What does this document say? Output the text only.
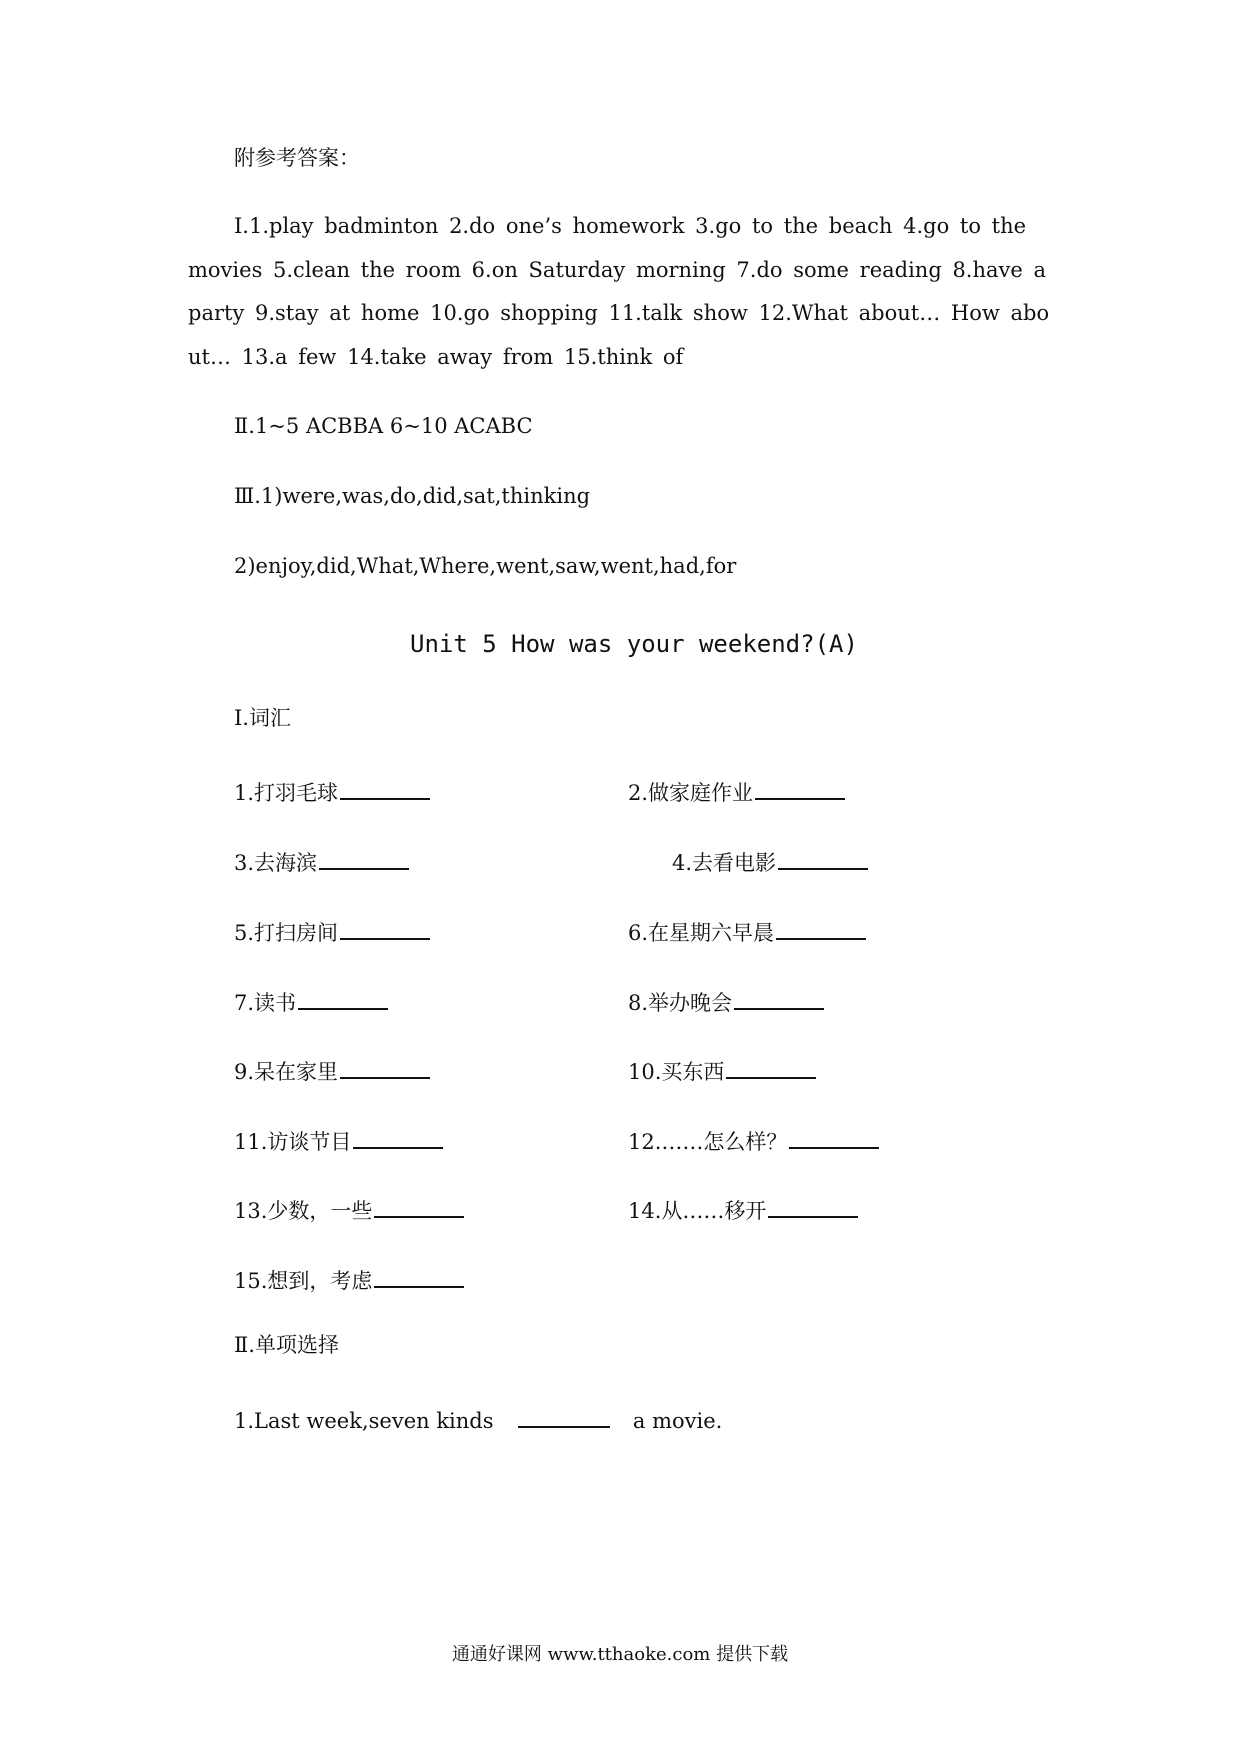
附参考答案：
Ⅰ.1.play badminton 2.do one’s homework 3.go to the beach 4.go to the
movies 5.clean the room 6.on Saturday morning 7.do some reading 8.have a
party 9.stay at home 10.go shopping 11.talk show 12.What about… How abo
ut… 13.a few 14.take away from 15.think of
Ⅱ.1~5 ACBBA 6~10 ACABC
Ⅲ.1)were,was,do,did,sat,thinking
2)enjoy,did,What,Where,went,saw,went,had,for
Unit 5 How was your weekend?(A)
Ⅰ.词汇
1.打羽毛球	2.做家庭作业
3.去海滨	4.去看电影
5.打扫房间	6.在星期六早晨
7.读书	8.举办晚会
9.呆在家里	10.买东西
11.访谈节目	12.……怎么样？
13.少数，一些	14.从……移开
15.想到，考虑
Ⅱ.单项选择
1.Last week,seven kinds	a movie.
通通好课网 www.tthaoke.com 提供下载
